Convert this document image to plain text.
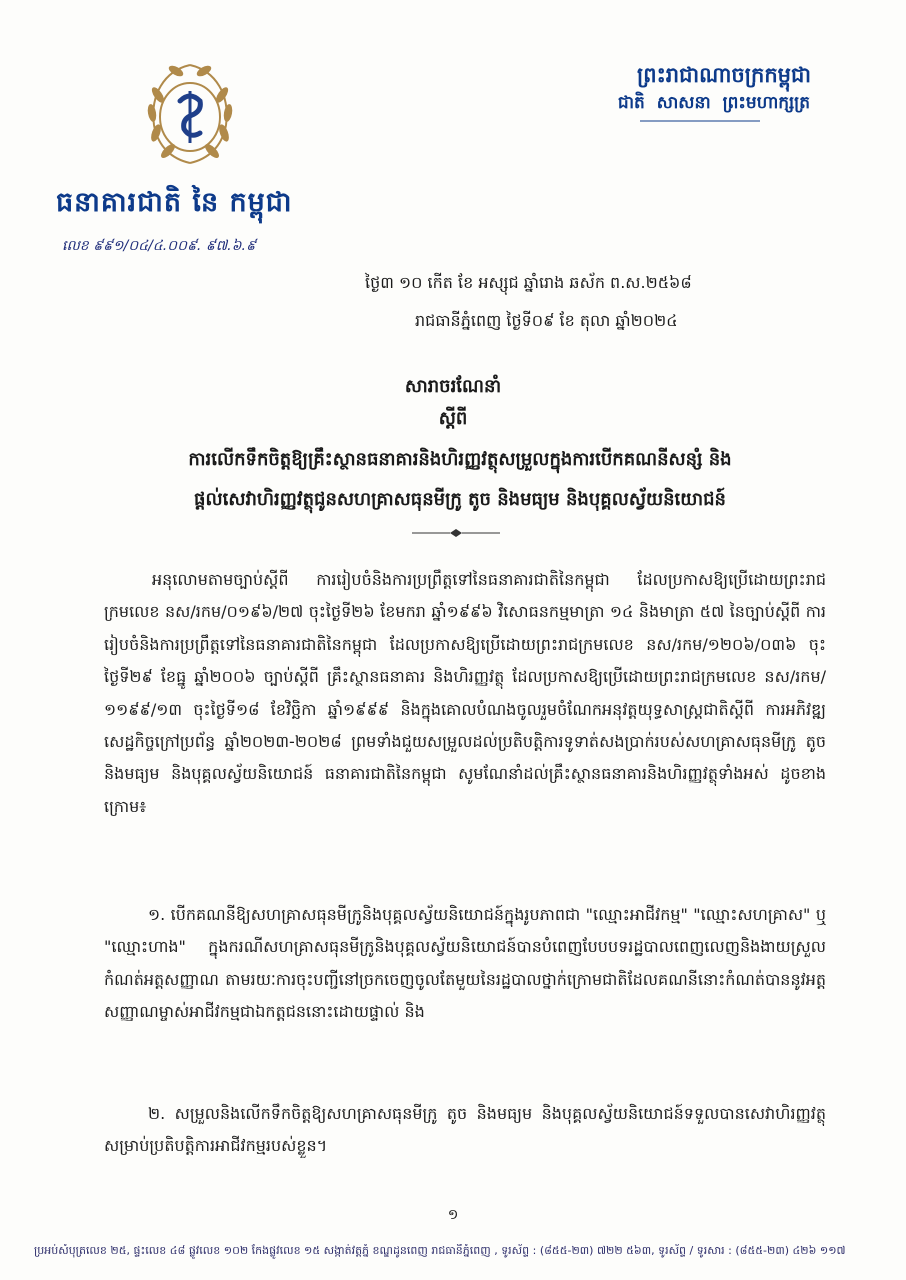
ធនាគារជាតិ នៃ កម្ពុជា
លេខ ៩៩១/០៤/៤.០០៩. ៩៧.៦.៩
ព្រះរាជាណាចក្រកម្ពុជា
ជាតិ សាសនា ព្រះមហាក្សត្រ
ថ្ងៃ៣ ១០ កើត ខែ អស្សុជ ឆ្នាំរោង ឆស័ក ព.ស.២៥៦៨
រាជធានីភ្នំពេញ ថ្ងៃទី០៩ ខែ តុលា ឆ្នាំ២០២៤
សារាចរណែនាំ
ស្តីពី
ការលើកទឹកចិត្តឱ្យគ្រឹះស្ថានធនាគារនិងហិរញ្ញវត្ថុសម្រួលក្នុងការបើកគណនីសន្សំ និង
ផ្តល់សេវាហិរញ្ញវត្ថុជូនសហគ្រាសធុនមីក្រូ តូច និងមធ្យម និងបុគ្គលស្វ័យនិយោជន៍
អនុលោមតាមច្បាប់ស្តីពី ការរៀបចំនិងការប្រព្រឹត្តទៅនៃធនាគារជាតិនៃកម្ពុជា ដែលប្រកាសឱ្យប្រើដោយព្រះរាជក្រមលេខ នស/រកម/០១៩៦/២៧ ចុះថ្ងៃទី២៦ ខែមករា ឆ្នាំ១៩៩៦ វិសោធនកម្មមាត្រា ១៤ និងមាត្រា ៥៧ នៃច្បាប់ស្តីពី ការរៀបចំនិងការប្រព្រឹត្តទៅនៃធនាគារជាតិនៃកម្ពុជា ដែលប្រកាសឱ្យប្រើដោយព្រះរាជក្រមលេខ នស/រកម/១២០៦/០៣៦ ចុះថ្ងៃទី២៩ ខែធ្នូ ឆ្នាំ២០០៦ ច្បាប់ស្តីពី គ្រឹះស្ថានធនាគារ និងហិរញ្ញវត្ថុ ដែលប្រកាសឱ្យប្រើដោយព្រះរាជក្រមលេខ នស/រកម/១១៩៩/១៣ ចុះថ្ងៃទី១៨ ខែវិច្ឆិកា ឆ្នាំ១៩៩៩ និងក្នុងគោលបំណងចូលរួមចំណែកអនុវត្តយុទ្ធសាស្ត្រជាតិស្តីពី ការអភិវឌ្ឍសេដ្ឋកិច្ចក្រៅប្រព័ន្ធ ឆ្នាំ២០២៣-២០២៨ ព្រមទាំងជួយសម្រួលដល់ប្រតិបត្តិការទូទាត់សងប្រាក់របស់សហគ្រាសធុនមីក្រូ តូច និងមធ្យម និងបុគ្គលស្វ័យនិយោជន៍ ធនាគារជាតិនៃកម្ពុជា សូមណែនាំដល់គ្រឹះស្ថានធនាគារនិងហិរញ្ញវត្ថុទាំងអស់ ដូចខាងក្រោម៖
១. បើកគណនីឱ្យសហគ្រាសធុនមីក្រូនិងបុគ្គលស្វ័យនិយោជន៍ក្នុងរូបភាពជា "ឈ្មោះអាជីវកម្ម" "ឈ្មោះសហគ្រាស" ឬ "ឈ្មោះហាង" ក្នុងករណីសហគ្រាសធុនមីក្រូនិងបុគ្គលស្វ័យនិយោជន៍បានបំពេញបែបបទរដ្ឋបាលពេញលេញនិងងាយស្រួលកំណត់អត្តសញ្ញាណ តាមរយៈការចុះបញ្ជីនៅច្រកចេញចូលតែមួយនៃរដ្ឋបាលថ្នាក់ក្រោមជាតិដែលគណនីនោះកំណត់បាននូវអត្តសញ្ញាណម្ចាស់អាជីវកម្មជាឯកត្តជននោះដោយផ្ទាល់ និង
២. សម្រួលនិងលើកទឹកចិត្តឱ្យសហគ្រាសធុនមីក្រូ តូច និងមធ្យម និងបុគ្គលស្វ័យនិយោជន៍ទទួលបានសេវាហិរញ្ញវត្ថុសម្រាប់ប្រតិបត្តិការអាជីវកម្មរបស់ខ្លួន។
១
ប្រអប់សំបុត្រលេខ ២៥, ផ្ទះលេខ ៤៨ ផ្លូវលេខ ១០២ កែងផ្លូវលេខ ១៥ សង្កាត់វត្តភ្នំ ខណ្ឌដូនពេញ រាជធានីភ្នំពេញ , ទូរស័ព្ទ : (៨៥៥-២៣) ៧២២ ៥៦៣, ទូរស័ព្ទ / ទូរសារ : (៨៥៥-២៣) ៤២៦ ១១៧
